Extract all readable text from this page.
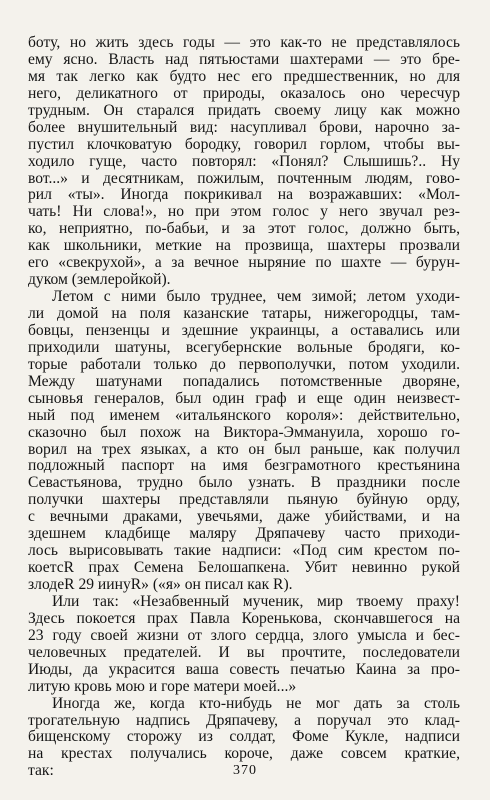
боту, но жить здесь годы — это как-то не представлялось
ему ясно. Власть над пятьюстами шахтерами — это бре-
мя так легко как будто нес его предшественник, но для
него, деликатного от природы, оказалось оно чересчур
трудным. Он старался придать своему лицу как можно
более внушительный вид: насупливал брови, нарочно за-
пустил клочковатую бородку, говорил горлом, чтобы вы-
ходило гуще, часто повторял: «Понял? Слышишь?.. Ну
вот...» и десятникам, пожилым, почтенным людям, гово-
рил «ты». Иногда покрикивал на возражавших: «Мол-
чать! Ни слова!», но при этом голос у него звучал рез-
ко, неприятно, по-бабьи, и за этот голос, должно быть,
как школьники, меткие на прозвища, шахтеры прозвали
его «свекрухой», а за вечное ныряние по шахте — бурун-
дуком (землеройкой).
Летом с ними было труднее, чем зимой; летом уходи-
ли домой на поля казанские татары, нижегородцы, там-
бовцы, пензенцы и здешние украинцы, а оставались или
приходили шатуны, всегубернские вольные бродяги, ко-
торые работали только до первополучки, потом уходили.
Между шатунами попадались потомственные дворяне,
сыновья генералов, был один граф и еще один неизвест-
ный под именем «итальянского короля»: действительно,
сказочно был похож на Виктора-Эммануила, хорошо го-
ворил на трех языках, а кто он был раньше, как получил
подложный паспорт на имя безграмотного крестьянина
Севастьянова, трудно было узнать. В праздники после
получки шахтеры представляли пьяную буйную орду,
с вечными драками, увечьями, даже убийствами, и на
здешнем кладбище маляру Дряпачеву часто приходи-
лось вырисовывать такие надписи: «Под сим крестом по-
коетсR прах Семена Белошапкена. Убит невинно рукой
злодеR 29 иинуR» («я» он писал как R).
Или так: «Незабвенный мученик, мир твоему праху!
Здесь покоется прах Павла Кореньковa, скончавшегося на
23 году своей жизни от злого сердца, злого умысла и бес-
человечных предателей. И вы прочтите, последователи
Июды, да украсится ваша совесть печатью Каина за про-
литую кровь мою и горе матери моей...»
Иногда же, когда кто-нибудь не мог дать за столь
трогательную надпись Дряпачеву, а поручал это клад-
бищенскому сторожу из солдат, Фоме Кукле, надписи
на крестах получались короче, даже совсем краткие,
так:	370
